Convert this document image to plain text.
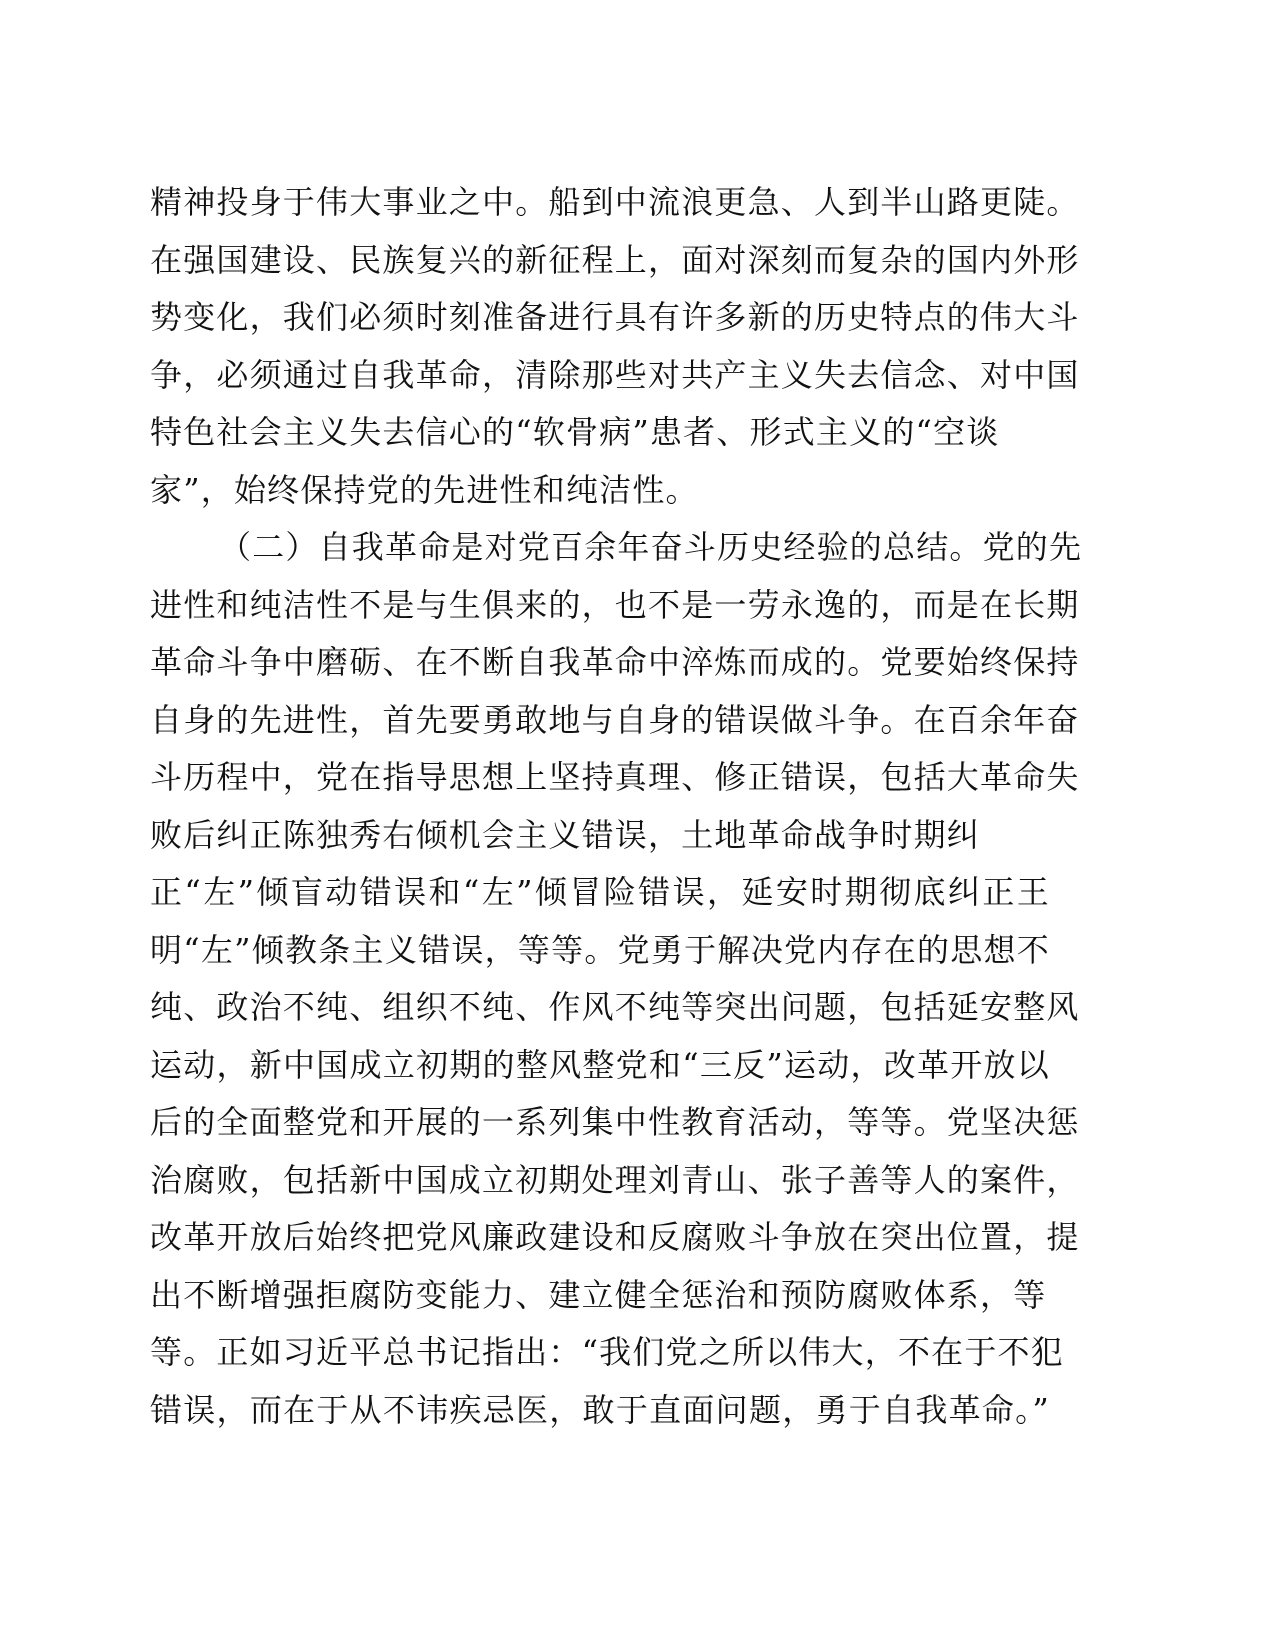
精神投身于伟大事业之中。船到中流浪更急、人到半山路更陡。
在强国建设、民族复兴的新征程上，面对深刻而复杂的国内外形
势变化，我们必须时刻准备进行具有许多新的历史特点的伟大斗
争，必须通过自我革命，清除那些对共产主义失去信念、对中国
特色社会主义失去信心的“软骨病”患者、形式主义的“空谈
家”，始终保持党的先进性和纯洁性。
（二）自我革命是对党百余年奋斗历史经验的总结。党的先
进性和纯洁性不是与生俱来的，也不是一劳永逸的，而是在长期
革命斗争中磨砺、在不断自我革命中淬炼而成的。党要始终保持
自身的先进性，首先要勇敢地与自身的错误做斗争。在百余年奋
斗历程中，党在指导思想上坚持真理、修正错误，包括大革命失
败后纠正陈独秀右倾机会主义错误，土地革命战争时期纠
正“左”倾盲动错误和“左”倾冒险错误，延安时期彻底纠正王
明“左”倾教条主义错误，等等。党勇于解决党内存在的思想不
纯、政治不纯、组织不纯、作风不纯等突出问题，包括延安整风
运动，新中国成立初期的整风整党和“三反”运动，改革开放以
后的全面整党和开展的一系列集中性教育活动，等等。党坚决惩
治腐败，包括新中国成立初期处理刘青山、张子善等人的案件，
改革开放后始终把党风廉政建设和反腐败斗争放在突出位置，提
出不断增强拒腐防变能力、建立健全惩治和预防腐败体系，等
等。正如习近平总书记指出：“我们党之所以伟大，不在于不犯
错误，而在于从不讳疾忌医，敢于直面问题，勇于自我革命。”
